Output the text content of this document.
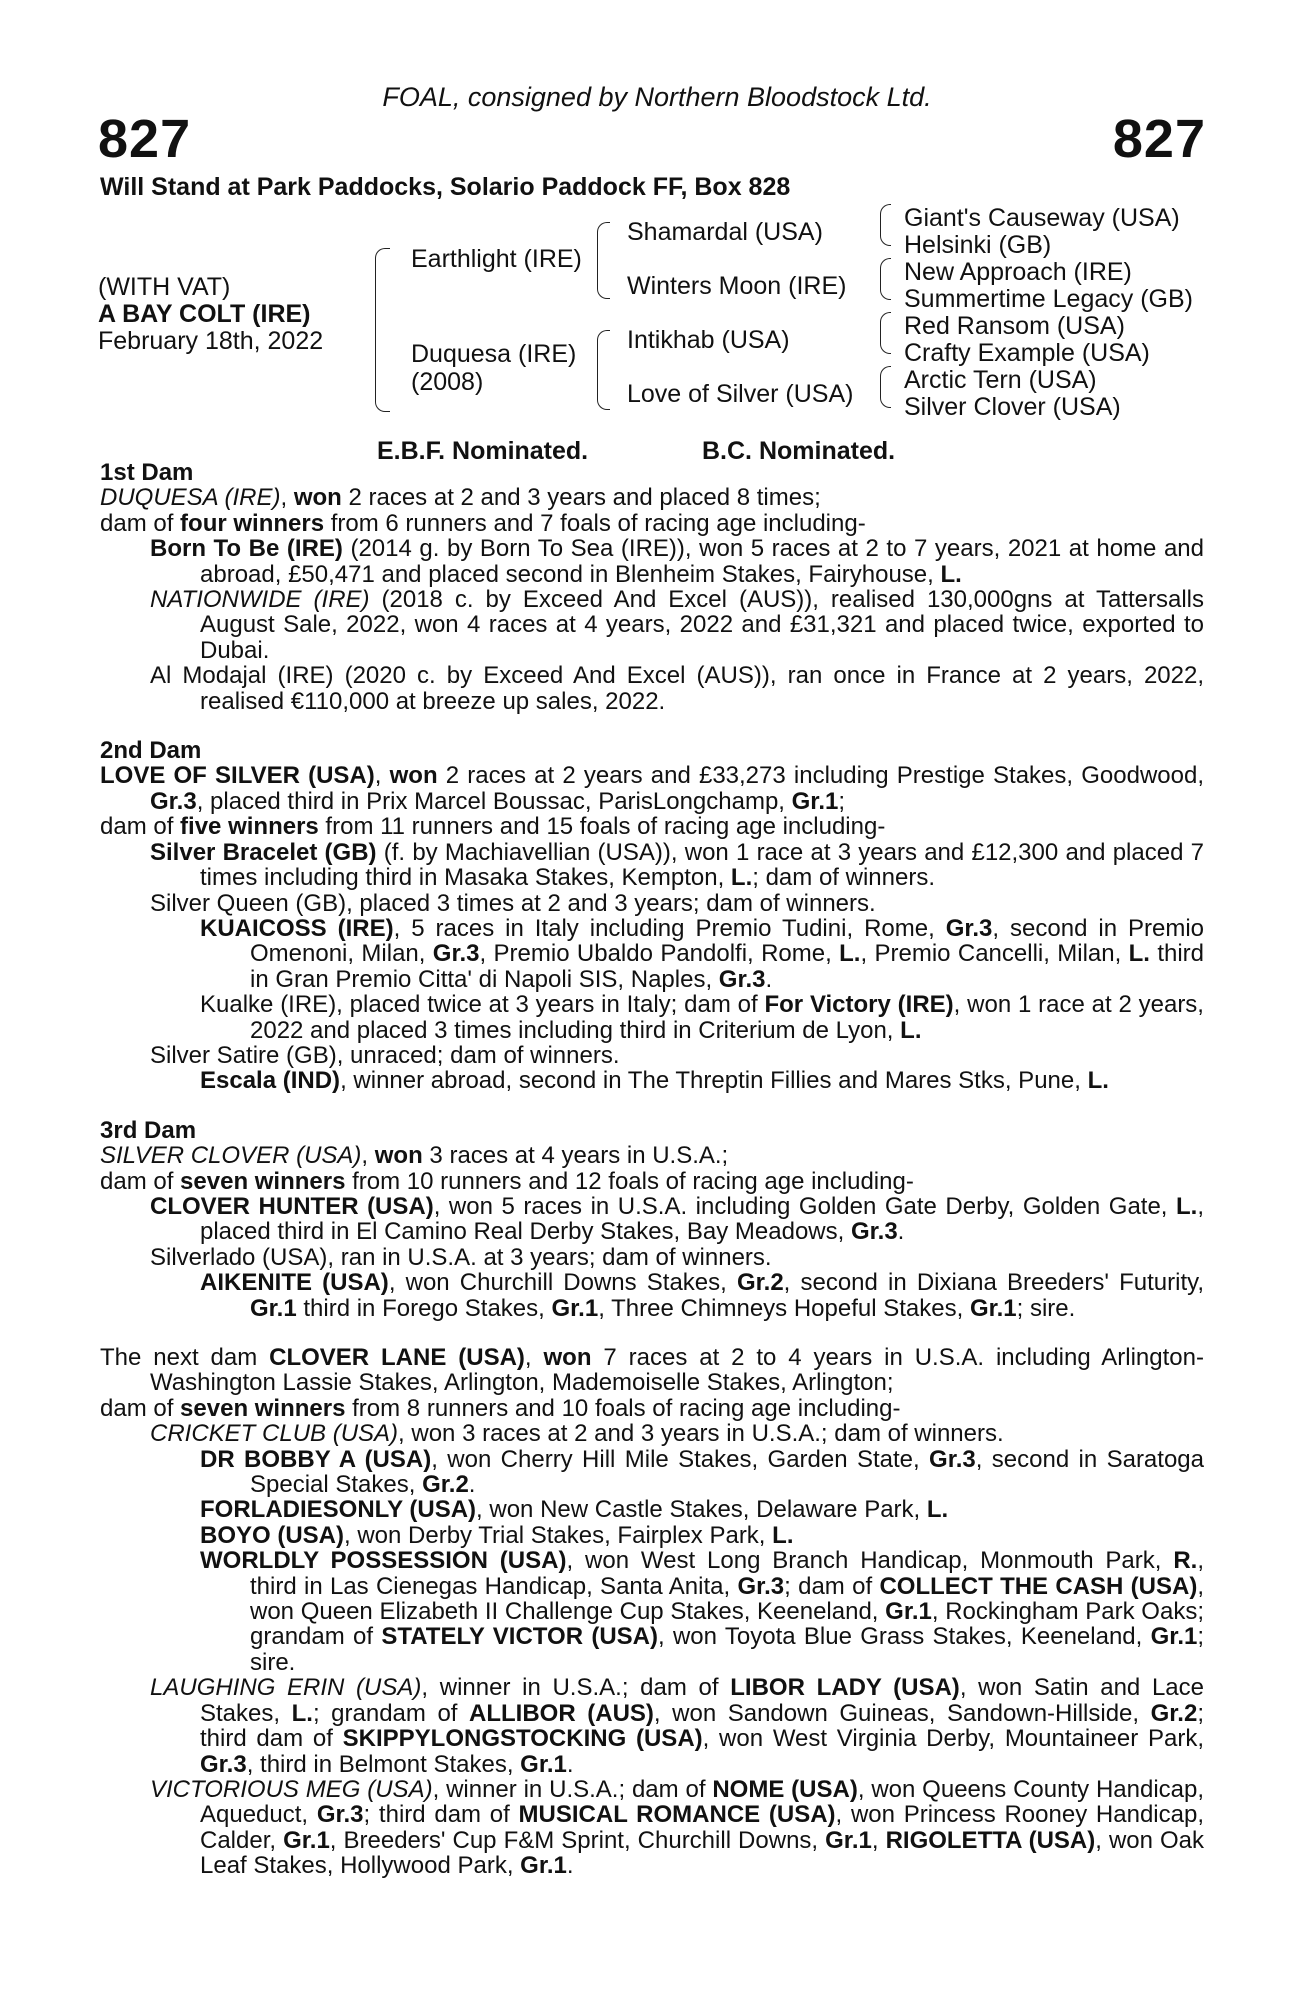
FOAL, consigned by Northern Bloodstock Ltd.
827	827
Will Stand at Park Paddocks, Solario Paddock FF, Box 828
(WITH VAT)
A BAY COLT (IRE)
February 18th, 2022
Earthlight (IRE)
Duquesa (IRE)
(2008)
Shamardal (USA)
Winters Moon (IRE)
Intikhab (USA)
Love of Silver (USA)
Giant's Causeway (USA)
Helsinki (GB)
New Approach (IRE)
Summertime Legacy (GB)
Red Ransom (USA)
Crafty Example (USA)
Arctic Tern (USA)
Silver Clover (USA)
E.B.F. Nominated.	B.C. Nominated.
1st Dam
DUQUESA (IRE), won 2 races at 2 and 3 years and placed 8 times;
dam of four winners from 6 runners and 7 foals of racing age including-
Born To Be (IRE) (2014 g. by Born To Sea (IRE)), won 5 races at 2 to 7 years, 2021 at home and abroad, £50,471 and placed second in Blenheim Stakes, Fairyhouse, L.
NATIONWIDE (IRE) (2018 c. by Exceed And Excel (AUS)), realised 130,000gns at Tattersalls August Sale, 2022, won 4 races at 4 years, 2022 and £31,321 and placed twice, exported to Dubai.
Al Modajal (IRE) (2020 c. by Exceed And Excel (AUS)), ran once in France at 2 years, 2022, realised €110,000 at breeze up sales, 2022.
2nd Dam
LOVE OF SILVER (USA), won 2 races at 2 years and £33,273 including Prestige Stakes, Goodwood, Gr.3, placed third in Prix Marcel Boussac, ParisLongchamp, Gr.1;
dam of five winners from 11 runners and 15 foals of racing age including-
Silver Bracelet (GB) (f. by Machiavellian (USA)), won 1 race at 3 years and £12,300 and placed 7 times including third in Masaka Stakes, Kempton, L.; dam of winners.
Silver Queen (GB), placed 3 times at 2 and 3 years; dam of winners.
KUAICOSS (IRE), 5 races in Italy including Premio Tudini, Rome, Gr.3, second in Premio Omenoni, Milan, Gr.3, Premio Ubaldo Pandolfi, Rome, L., Premio Cancelli, Milan, L. third in Gran Premio Citta' di Napoli SIS, Naples, Gr.3.
Kualke (IRE), placed twice at 3 years in Italy; dam of For Victory (IRE), won 1 race at 2 years, 2022 and placed 3 times including third in Criterium de Lyon, L.
Silver Satire (GB), unraced; dam of winners.
Escala (IND), winner abroad, second in The Threptin Fillies and Mares Stks, Pune, L.
3rd Dam
SILVER CLOVER (USA), won 3 races at 4 years in U.S.A.;
dam of seven winners from 10 runners and 12 foals of racing age including-
CLOVER HUNTER (USA), won 5 races in U.S.A. including Golden Gate Derby, Golden Gate, L., placed third in El Camino Real Derby Stakes, Bay Meadows, Gr.3.
Silverlado (USA), ran in U.S.A. at 3 years; dam of winners.
AIKENITE (USA), won Churchill Downs Stakes, Gr.2, second in Dixiana Breeders' Futurity, Gr.1 third in Forego Stakes, Gr.1, Three Chimneys Hopeful Stakes, Gr.1; sire.
The next dam CLOVER LANE (USA), won 7 races at 2 to 4 years in U.S.A. including Arlington-Washington Lassie Stakes, Arlington, Mademoiselle Stakes, Arlington;
dam of seven winners from 8 runners and 10 foals of racing age including-
CRICKET CLUB (USA), won 3 races at 2 and 3 years in U.S.A.; dam of winners.
DR BOBBY A (USA), won Cherry Hill Mile Stakes, Garden State, Gr.3, second in Saratoga Special Stakes, Gr.2.
FORLADIESONLY (USA), won New Castle Stakes, Delaware Park, L.
BOYO (USA), won Derby Trial Stakes, Fairplex Park, L.
WORLDLY POSSESSION (USA), won West Long Branch Handicap, Monmouth Park, R., third in Las Cienegas Handicap, Santa Anita, Gr.3; dam of COLLECT THE CASH (USA), won Queen Elizabeth II Challenge Cup Stakes, Keeneland, Gr.1, Rockingham Park Oaks; grandam of STATELY VICTOR (USA), won Toyota Blue Grass Stakes, Keeneland, Gr.1; sire.
LAUGHING ERIN (USA), winner in U.S.A.; dam of LIBOR LADY (USA), won Satin and Lace Stakes, L.; grandam of ALLIBOR (AUS), won Sandown Guineas, Sandown-Hillside, Gr.2; third dam of SKIPPYLONGSTOCKING (USA), won West Virginia Derby, Mountaineer Park, Gr.3, third in Belmont Stakes, Gr.1.
VICTORIOUS MEG (USA), winner in U.S.A.; dam of NOME (USA), won Queens County Handicap, Aqueduct, Gr.3; third dam of MUSICAL ROMANCE (USA), won Princess Rooney Handicap, Calder, Gr.1, Breeders' Cup F&M Sprint, Churchill Downs, Gr.1, RIGOLETTA (USA), won Oak Leaf Stakes, Hollywood Park, Gr.1.
